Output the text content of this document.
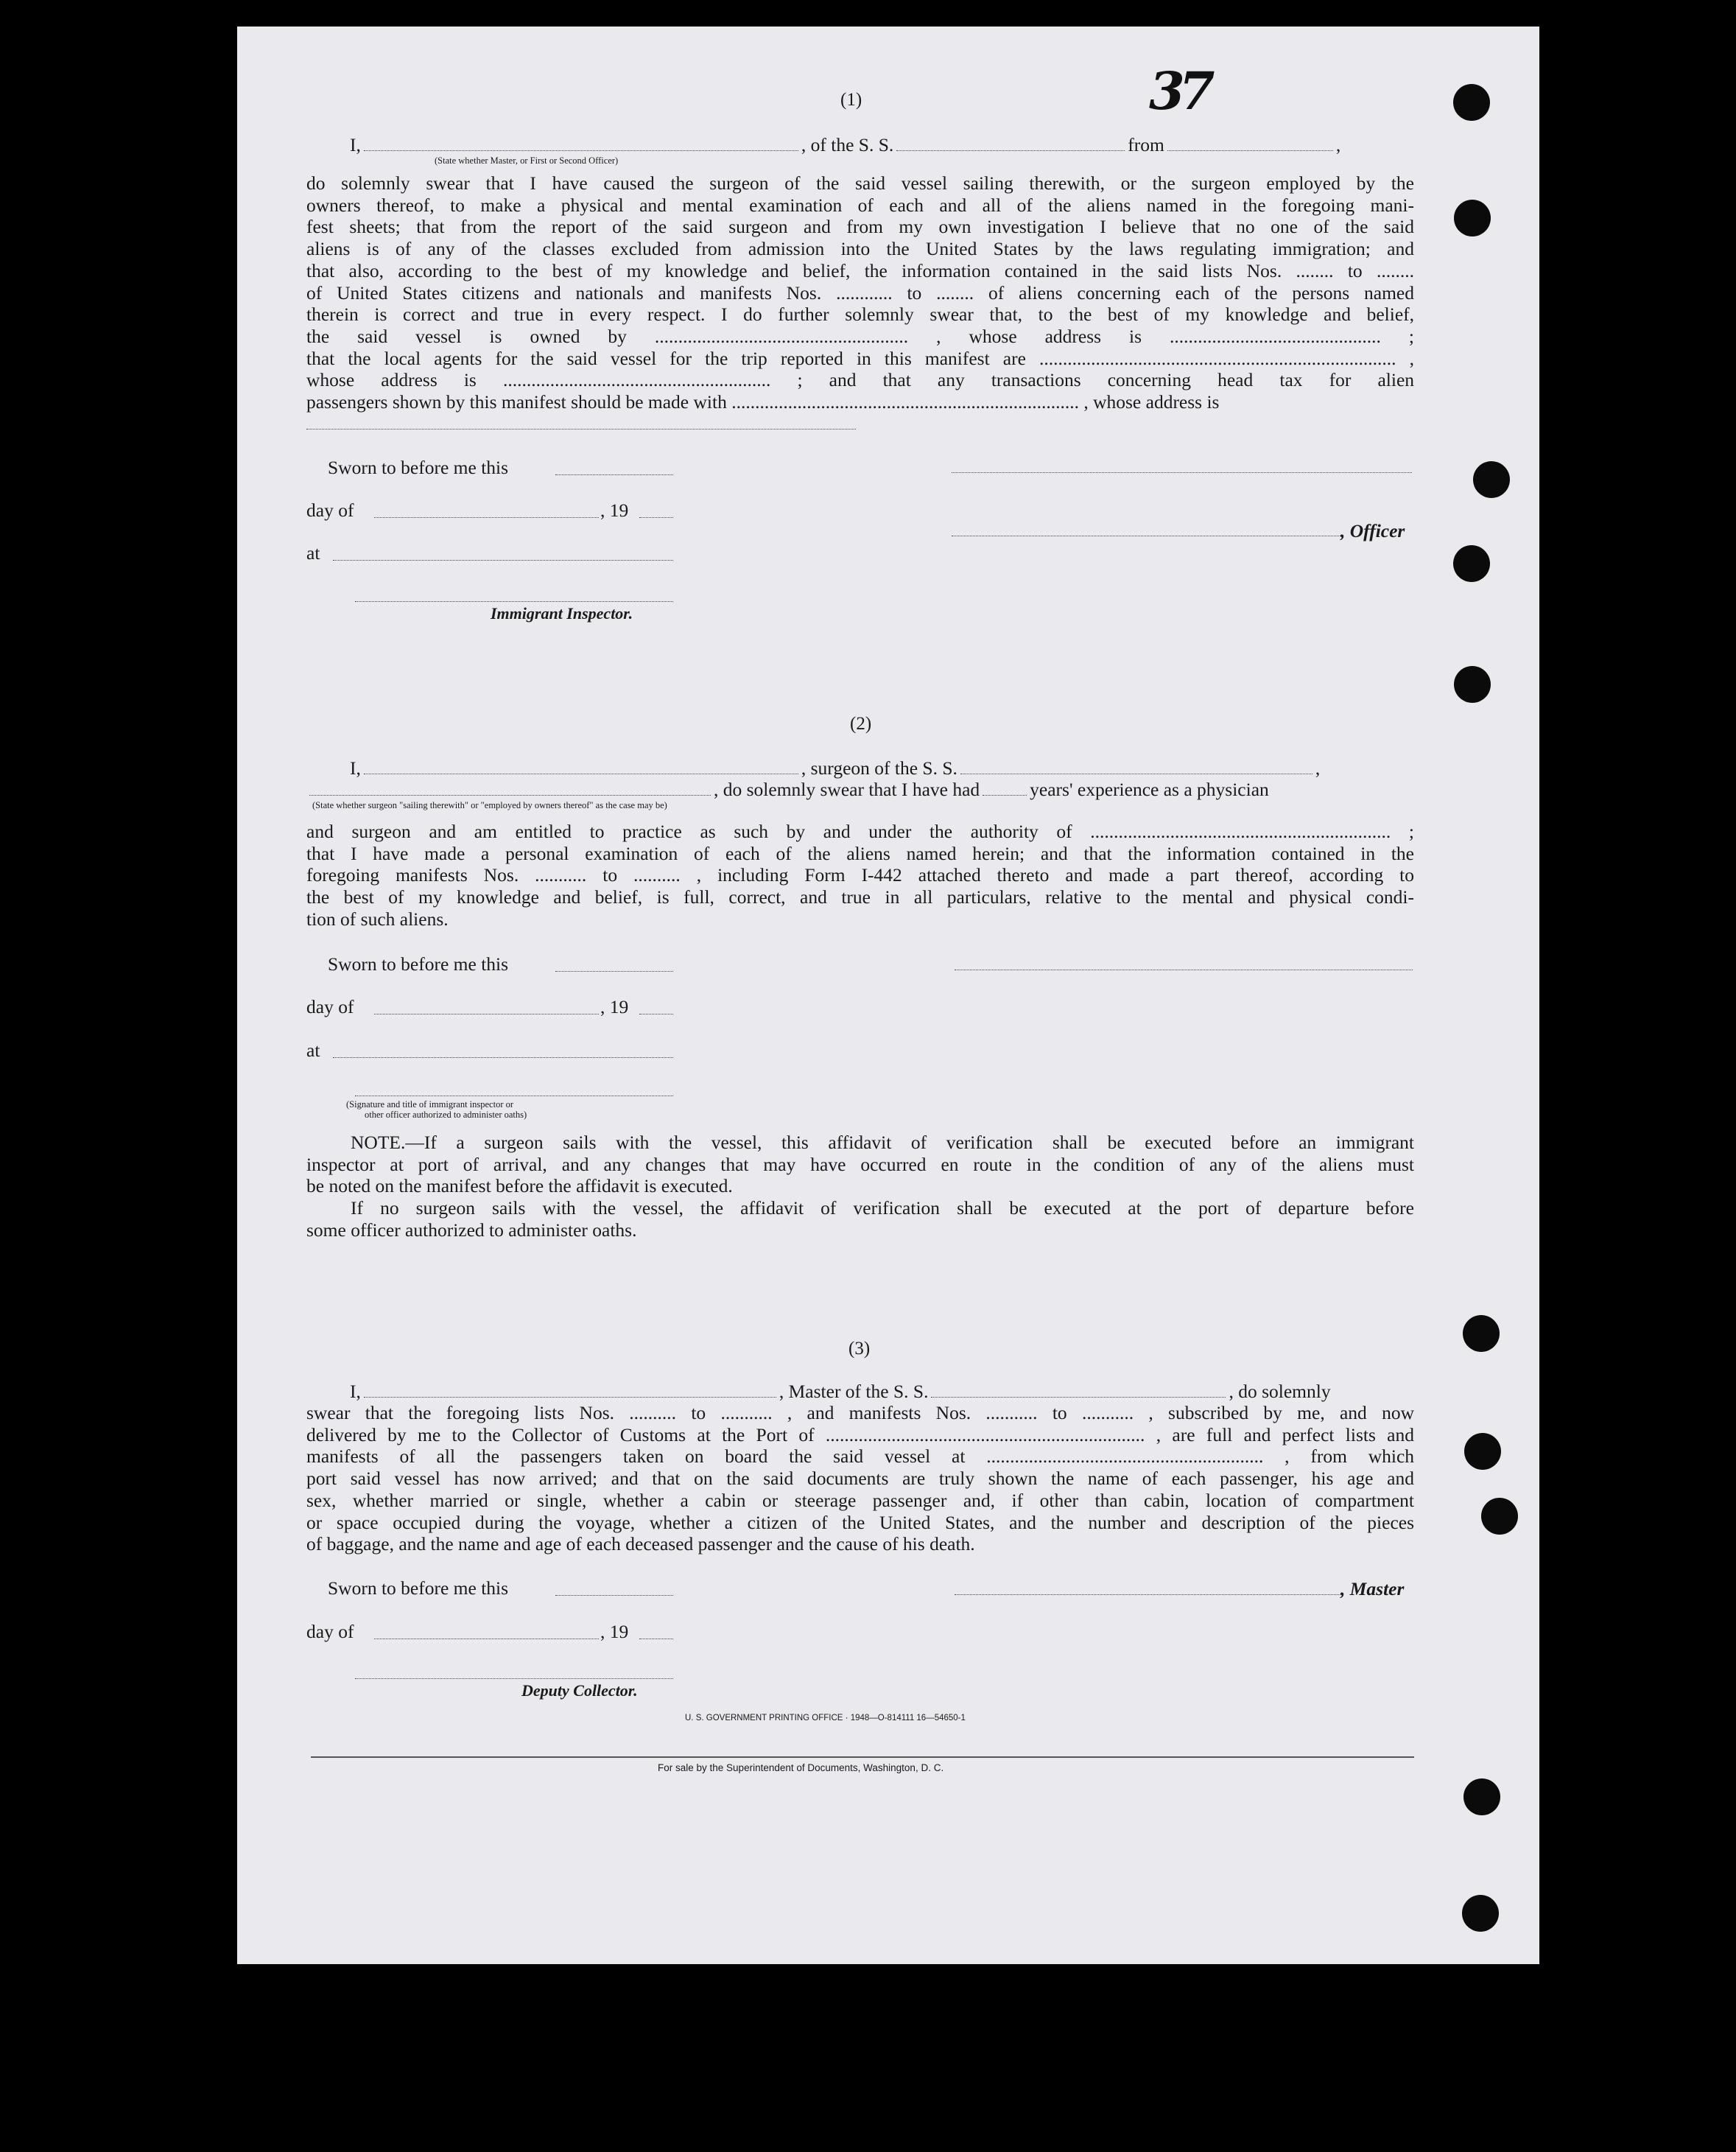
37
(1)
I,	, of the S. S.	from	,
(State whether Master, or First or Second Officer)
do solemnly swear that I have caused the surgeon of the said vessel sailing therewith, or the surgeon employed by the
owners thereof, to make a physical and mental examination of each and all of the aliens named in the foregoing mani-
fest sheets; that from the report of the said surgeon and from my own investigation I believe that no one of the said
aliens is of any of the classes excluded from admission into the United States by the laws regulating immigration; and
that also, according to the best of my knowledge and belief, the information contained in the said lists Nos. ........ to ........
of United States citizens and nationals and manifests Nos. ............ to ........ of aliens concerning each of the persons named
therein is correct and true in every respect. I do further solemnly swear that, to the best of my knowledge and belief,
the said vessel is owned by ...................................................... , whose address is ............................................. ;
that the local agents for the said vessel for the trip reported in this manifest are ............................................................................ ,
whose address is ......................................................... ; and that any transactions concerning head tax for alien
passengers shown by this manifest should be made with .......................................................................... , whose address is
Sworn to before me this
day of	, 19
, Officer
at
Immigrant Inspector.
(2)
I,	, surgeon of the S. S.	,
, do solemnly swear that I have had	years' experience as a physician
(State whether surgeon "sailing therewith" or "employed by owners thereof" as the case may be)
and surgeon and am entitled to practice as such by and under the authority of ................................................................ ;
that I have made a personal examination of each of the aliens named herein; and that the information contained in the
foregoing manifests Nos. ........... to .......... , including Form I-442 attached thereto and made a part thereof, according to
the best of my knowledge and belief, is full, correct, and true in all particulars, relative to the mental and physical condi-
tion of such aliens.
Sworn to before me this
day of	, 19
at
(Signature and title of immigrant inspector or
other officer authorized to administer oaths)
NOTE.—If a surgeon sails with the vessel, this affidavit of verification shall be executed before an immigrant
inspector at port of arrival, and any changes that may have occurred en route in the condition of any of the aliens must
be noted on the manifest before the affidavit is executed.
If no surgeon sails with the vessel, the affidavit of verification shall be executed at the port of departure before
some officer authorized to administer oaths.
(3)
I,	, Master of the S. S.	, do solemnly
swear that the foregoing lists Nos. .......... to ........... , and manifests Nos. ........... to ........... , subscribed by me, and now
delivered by me to the Collector of Customs at the Port of .................................................................... , are full and perfect lists and
manifests of all the passengers taken on board the said vessel at ........................................................... , from which
port said vessel has now arrived; and that on the said documents are truly shown the name of each passenger, his age and
sex, whether married or single, whether a cabin or steerage passenger and, if other than cabin, location of compartment
or space occupied during the voyage, whether a citizen of the United States, and the number and description of the pieces
of baggage, and the name and age of each deceased passenger and the cause of his death.
Sworn to before me this	, Master
day of	, 19
Deputy Collector.
U. S. GOVERNMENT PRINTING OFFICE · 1948—O-814111 16—54650-1
For sale by the Superintendent of Documents, Washington, D. C.
